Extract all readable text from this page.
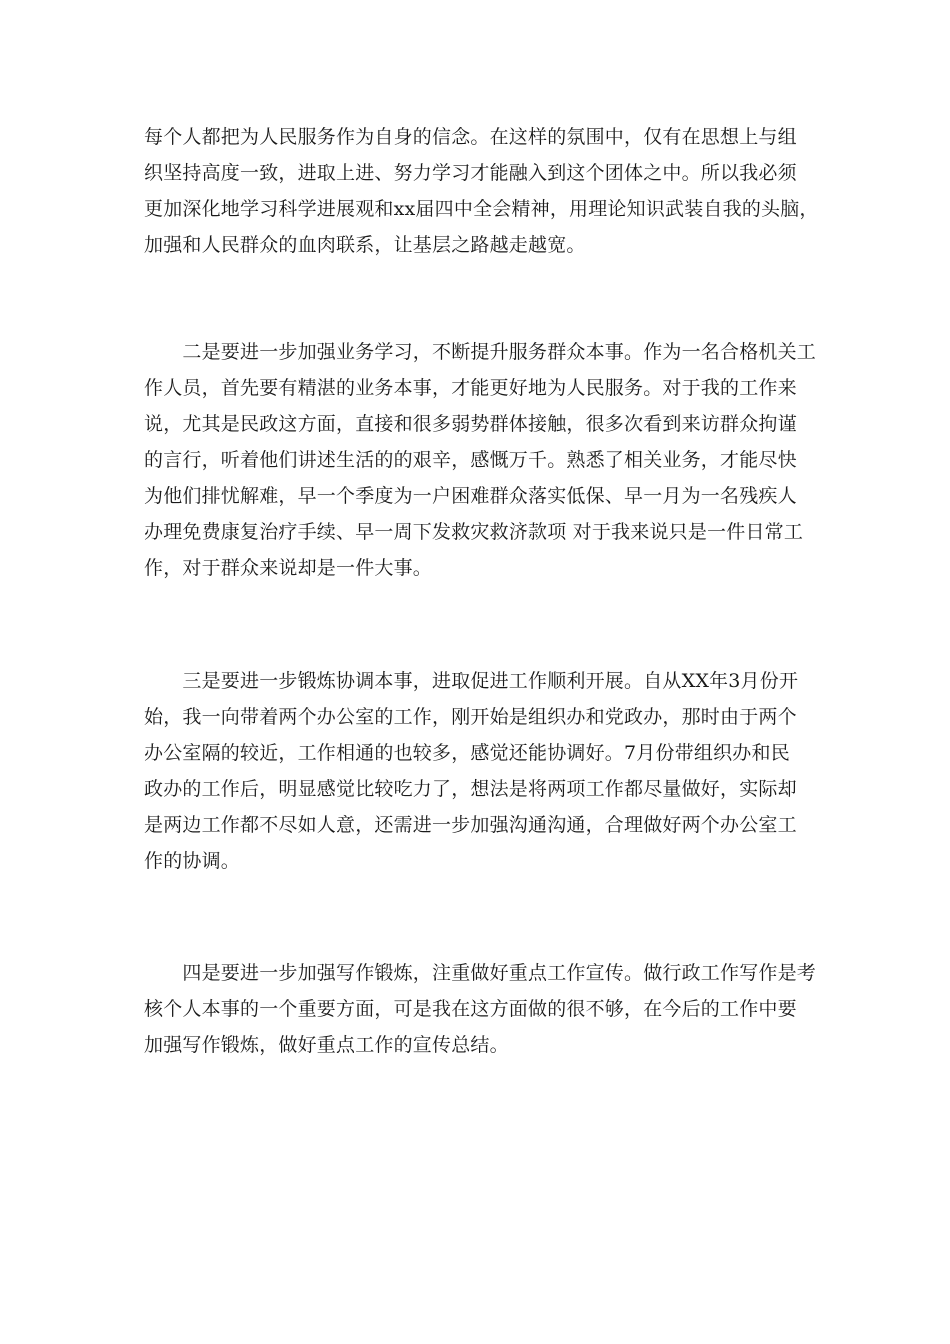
每个人都把为人民服务作为自身的信念。在这样的氛围中，仅有在思想上与组
织坚持高度一致，进取上进、努力学习才能融入到这个团体之中。所以我必须
更加深化地学习科学进展观和xx届四中全会精神，用理论知识武装自我的头脑，
加强和人民群众的血肉联系，让基层之路越走越宽。
　　二是要进一步加强业务学习，不断提升服务群众本事。作为一名合格机关工
作人员，首先要有精湛的业务本事，才能更好地为人民服务。对于我的工作来
说，尤其是民政这方面，直接和很多弱势群体接触，很多次看到来访群众拘谨
的言行，听着他们讲述生活的的艰辛，感慨万千。熟悉了相关业务，才能尽快
为他们排忧解难，早一个季度为一户困难群众落实低保、早一月为一名残疾人
办理免费康复治疗手续、早一周下发救灾救济款项 对于我来说只是一件日常工
作，对于群众来说却是一件大事。
　　三是要进一步锻炼协调本事，进取促进工作顺利开展。自从XX年3月份开
始，我一向带着两个办公室的工作，刚开始是组织办和党政办，那时由于两个
办公室隔的较近，工作相通的也较多，感觉还能协调好。7月份带组织办和民
政办的工作后，明显感觉比较吃力了，想法是将两项工作都尽量做好，实际却
是两边工作都不尽如人意，还需进一步加强沟通沟通，合理做好两个办公室工
作的协调。
　　四是要进一步加强写作锻炼，注重做好重点工作宣传。做行政工作写作是考
核个人本事的一个重要方面，可是我在这方面做的很不够，在今后的工作中要
加强写作锻炼，做好重点工作的宣传总结。
